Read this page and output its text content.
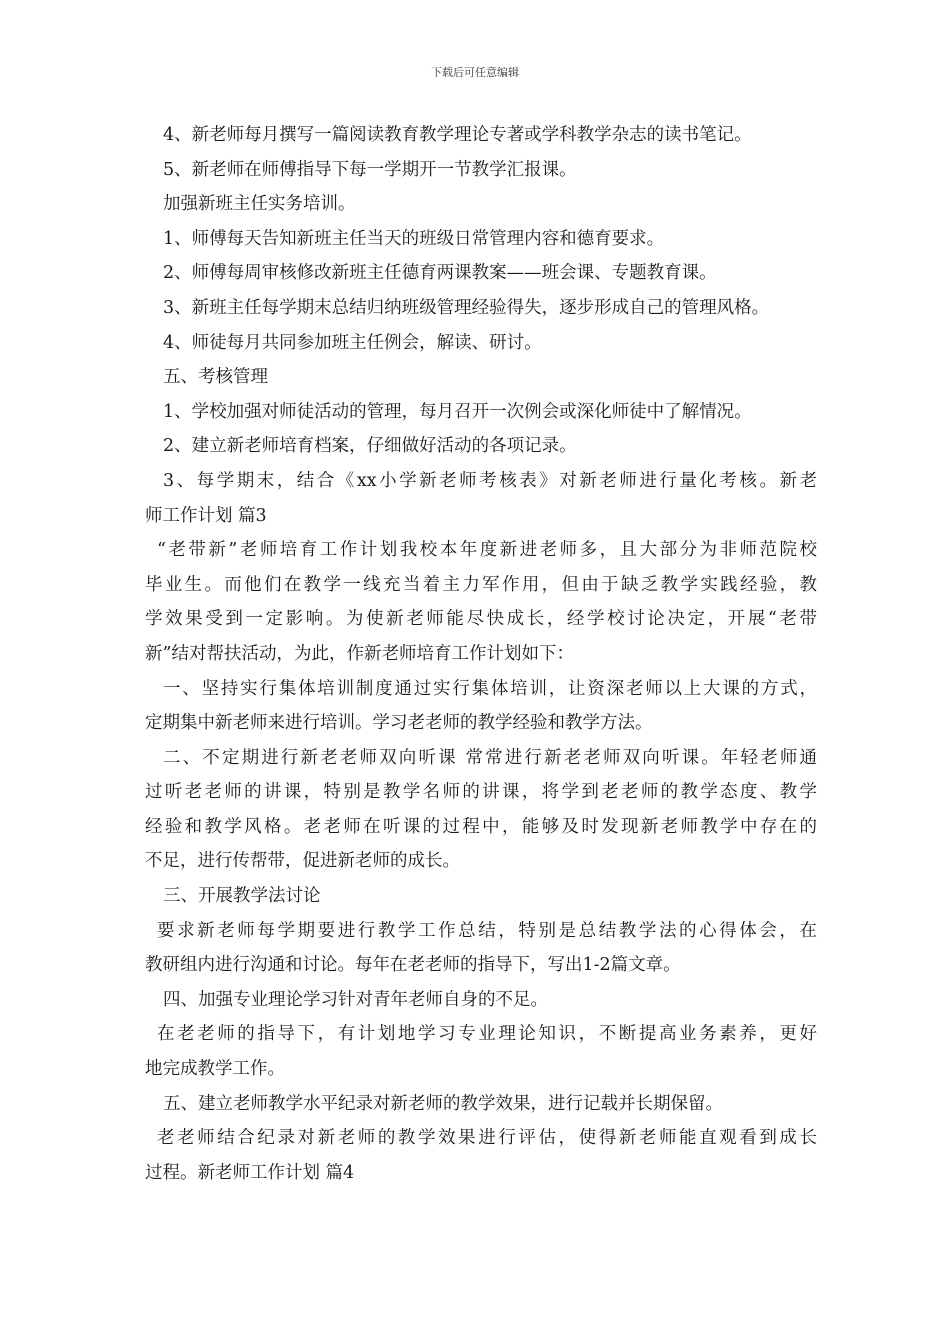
下载后可任意编辑
4、新老师每月撰写一篇阅读教育教学理论专著或学科教学杂志的读书笔记。
5、新老师在师傅指导下每一学期开一节教学汇报课。
加强新班主任实务培训。
1、师傅每天告知新班主任当天的班级日常管理内容和德育要求。
2、师傅每周审核修改新班主任德育两课教案——班会课、专题教育课。
3、新班主任每学期末总结归纳班级管理经验得失，逐步形成自己的管理风格。
4、师徒每月共同参加班主任例会，解读、研讨。
五、考核管理
1、学校加强对师徒活动的管理，每月召开一次例会或深化师徒中了解情况。
2、建立新老师培育档案，仔细做好活动的各项记录。
3、每学期末，结合《xx小学新老师考核表》对新老师进行量化考核。新老
师工作计划 篇3
“老带新”老师培育工作计划我校本年度新进老师多，且大部分为非师范院校
毕业生。而他们在教学一线充当着主力军作用，但由于缺乏教学实践经验，教
学效果受到一定影响。为使新老师能尽快成长，经学校讨论决定，开展“老带
新”结对帮扶活动，为此，作新老师培育工作计划如下：
一、坚持实行集体培训制度通过实行集体培训，让资深老师以上大课的方式，
定期集中新老师来进行培训。学习老老师的教学经验和教学方法。
二、不定期进行新老老师双向听课 常常进行新老老师双向听课。年轻老师通
过听老老师的讲课，特别是教学名师的讲课，将学到老老师的教学态度、教学
经验和教学风格。老老师在听课的过程中，能够及时发现新老师教学中存在的
不足，进行传帮带，促进新老师的成长。
三、开展教学法讨论
要求新老师每学期要进行教学工作总结，特别是总结教学法的心得体会，在
教研组内进行沟通和讨论。每年在老老师的指导下，写出1-2篇文章。
四、加强专业理论学习针对青年老师自身的不足。
在老老师的指导下，有计划地学习专业理论知识，不断提高业务素养，更好
地完成教学工作。
五、建立老师教学水平纪录对新老师的教学效果，进行记载并长期保留。
老老师结合纪录对新老师的教学效果进行评估，使得新老师能直观看到成长
过程。新老师工作计划 篇4
